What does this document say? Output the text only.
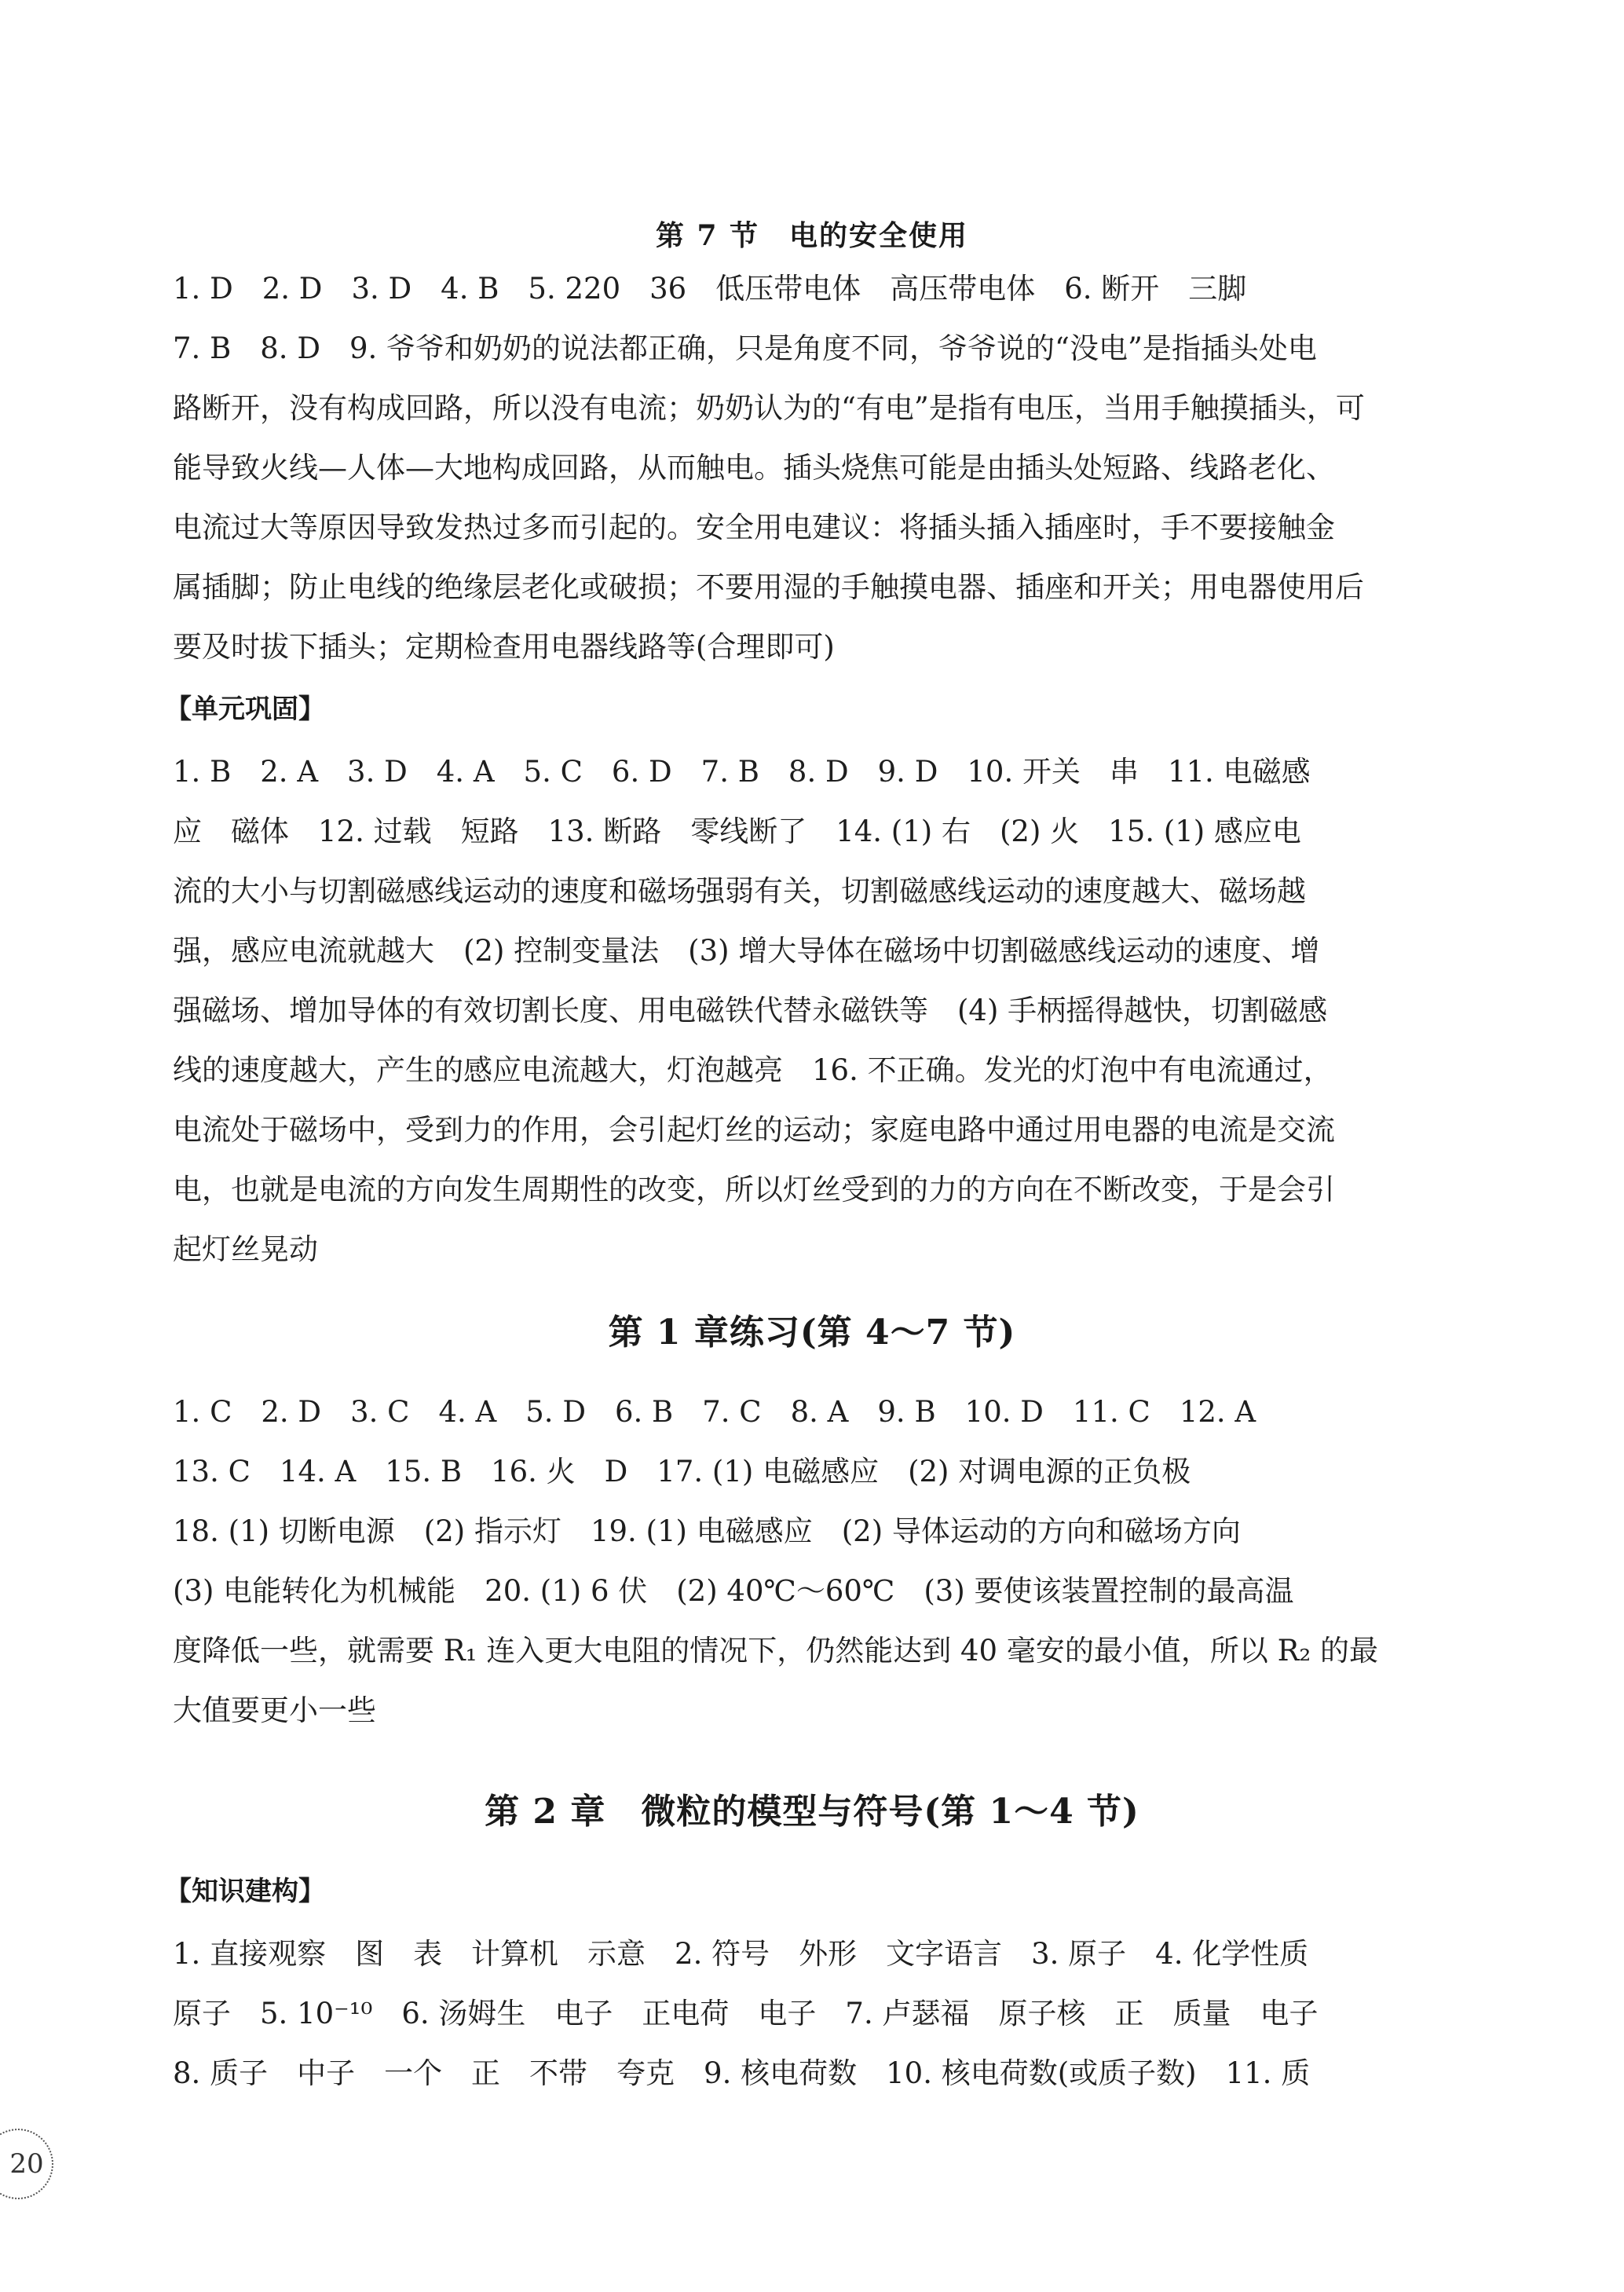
第 7 节　电的安全使用
1. D　2. D　3. D　4. B　5. 220　36　低压带电体　高压带电体　6. 断开　三脚
7. B　8. D　9. 爷爷和奶奶的说法都正确，只是角度不同，爷爷说的“没电”是指插头处电
路断开，没有构成回路，所以没有电流；奶奶认为的“有电”是指有电压，当用手触摸插头，可
能导致火线—人体—大地构成回路，从而触电。插头烧焦可能是由插头处短路、线路老化、
电流过大等原因导致发热过多而引起的。安全用电建议：将插头插入插座时，手不要接触金
属插脚；防止电线的绝缘层老化或破损；不要用湿的手触摸电器、插座和开关；用电器使用后
要及时拔下插头；定期检查用电器线路等(合理即可)
【单元巩固】
1. B　2. A　3. D　4. A　5. C　6. D　7. B　8. D　9. D　10. 开关　串　11. 电磁感
应　磁体　12. 过载　短路　13. 断路　零线断了　14. (1) 右　(2) 火　15. (1) 感应电
流的大小与切割磁感线运动的速度和磁场强弱有关，切割磁感线运动的速度越大、磁场越
强，感应电流就越大　(2) 控制变量法　(3) 增大导体在磁场中切割磁感线运动的速度、增
强磁场、增加导体的有效切割长度、用电磁铁代替永磁铁等　(4) 手柄摇得越快，切割磁感
线的速度越大，产生的感应电流越大，灯泡越亮　16. 不正确。发光的灯泡中有电流通过，
电流处于磁场中，受到力的作用，会引起灯丝的运动；家庭电路中通过用电器的电流是交流
电，也就是电流的方向发生周期性的改变，所以灯丝受到的力的方向在不断改变，于是会引
起灯丝晃动
第 1 章练习(第 4～7 节)
1. C　2. D　3. C　4. A　5. D　6. B　7. C　8. A　9. B　10. D　11. C　12. A
13. C　14. A　15. B　16. 火　D　17. (1) 电磁感应　(2) 对调电源的正负极
18. (1) 切断电源　(2) 指示灯　19. (1) 电磁感应　(2) 导体运动的方向和磁场方向
(3) 电能转化为机械能　20. (1) 6 伏　(2) 40℃～60℃　(3) 要使该装置控制的最高温
度降低一些，就需要 R₁ 连入更大电阻的情况下，仍然能达到 40 毫安的最小值，所以 R₂ 的最
大值要更小一些
第 2 章　微粒的模型与符号(第 1～4 节)
【知识建构】
1. 直接观察　图　表　计算机　示意　2. 符号　外形　文字语言　3. 原子　4. 化学性质
原子　5. 10⁻¹⁰　6. 汤姆生　电子　正电荷　电子　7. 卢瑟福　原子核　正　质量　电子
8. 质子　中子　一个　正　不带　夸克　9. 核电荷数　10. 核电荷数(或质子数)　11. 质
20
